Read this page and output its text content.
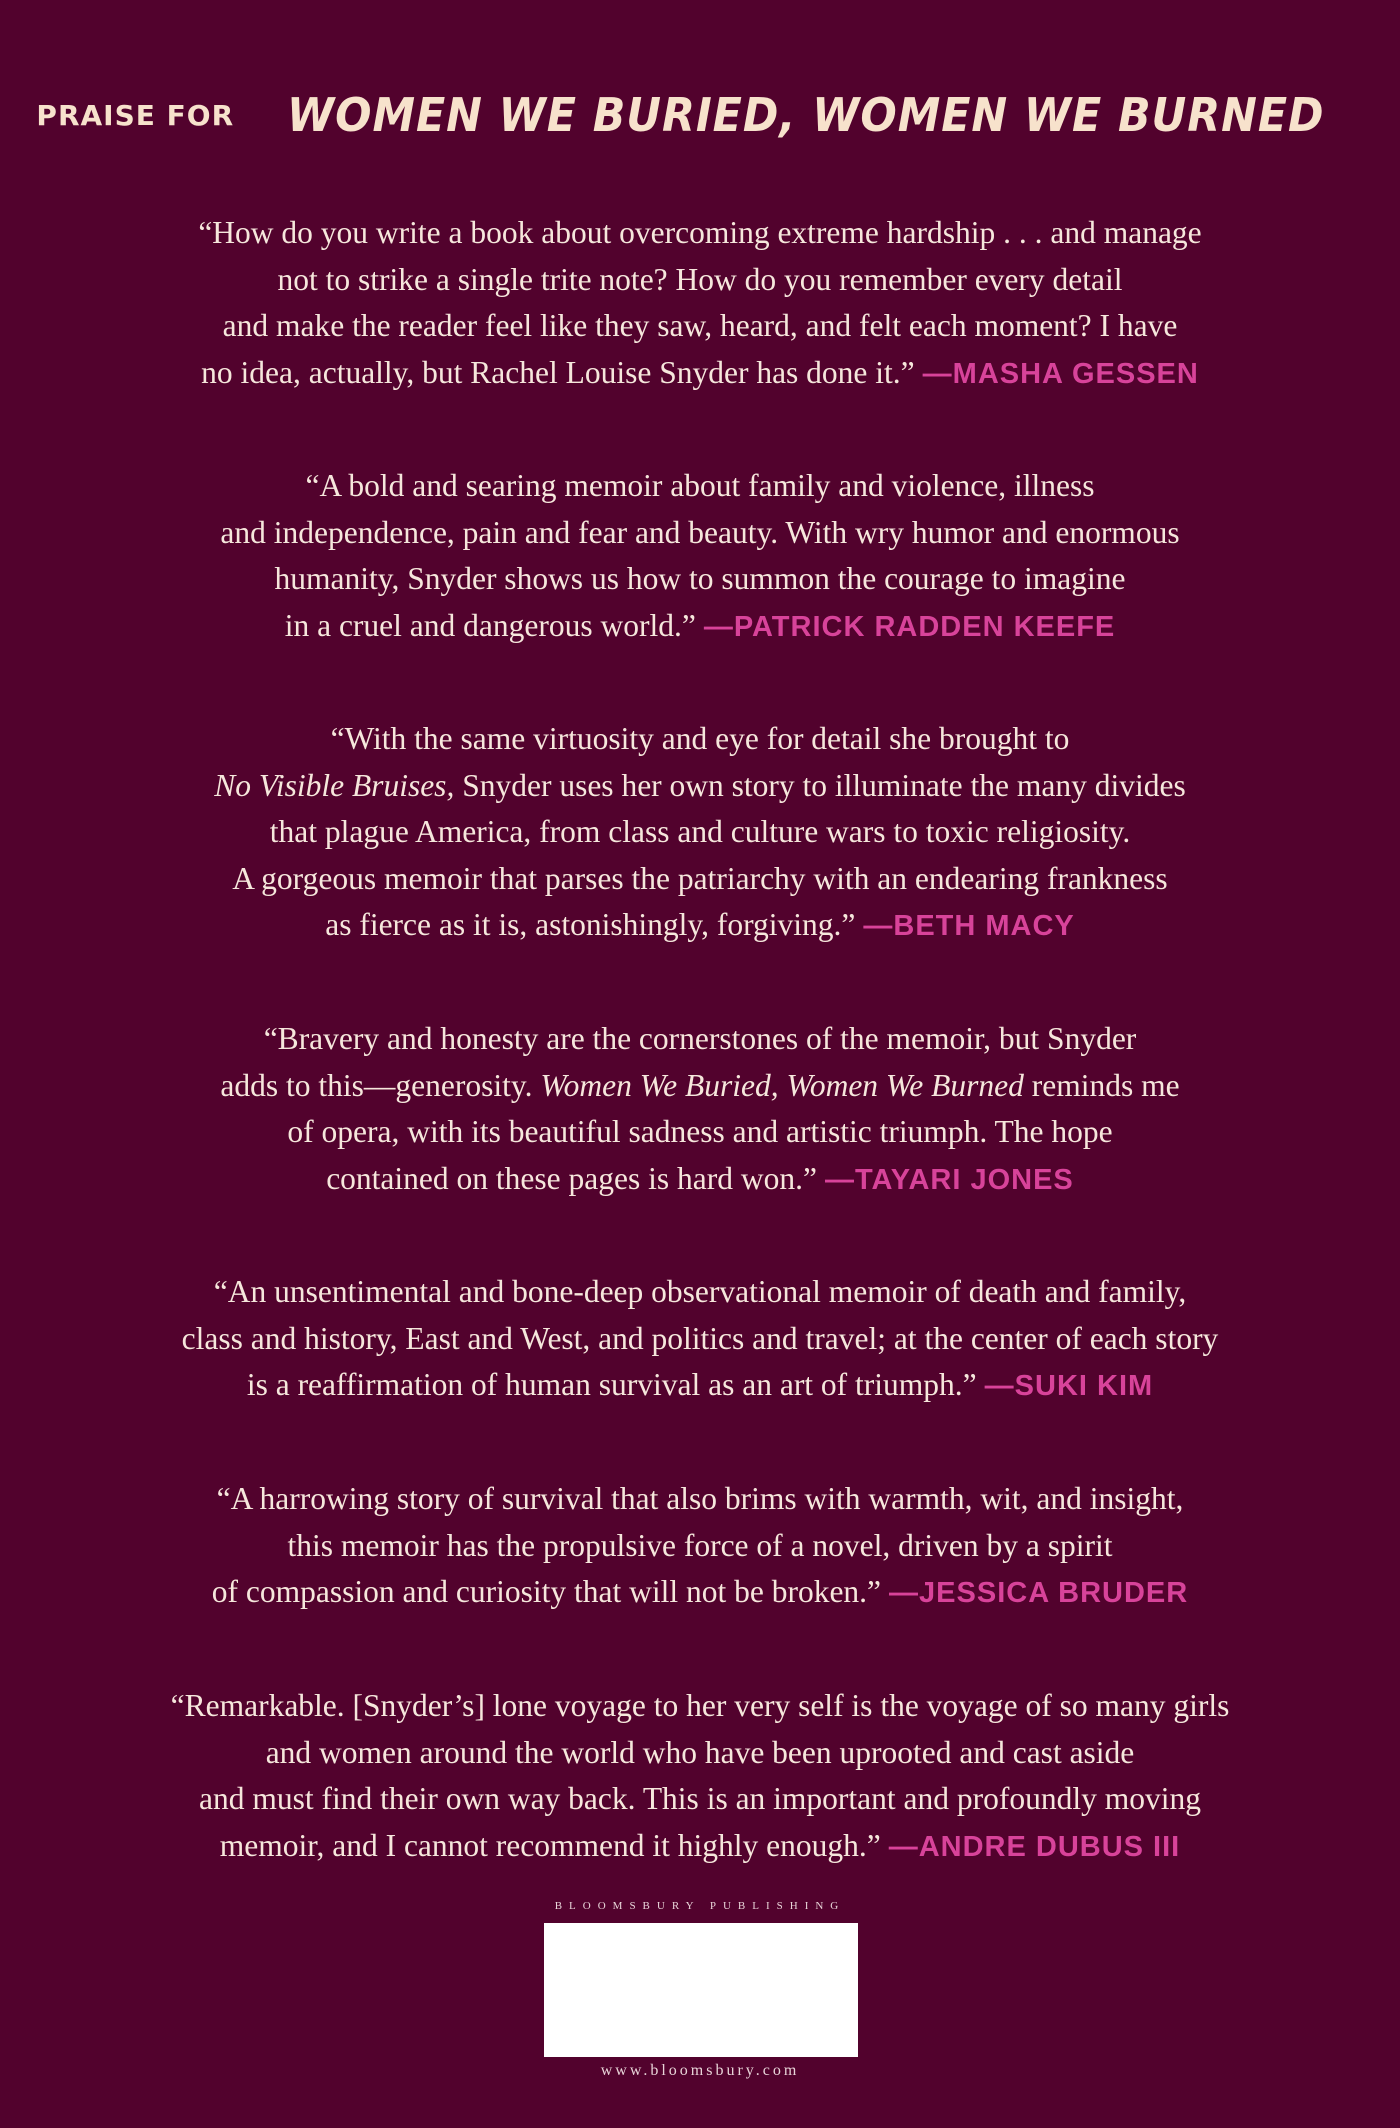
PRAISE FOR WOMEN WE BURIED, WOMEN WE BURNED

“How do you write a book about overcoming extreme hardship . . . and manage
not to strike a single trite note? How do you remember every detail
and make the reader feel like they saw, heard, and felt each moment? I have
no idea, actually, but Rachel Louise Snyder has done it.” —MASHA GESSEN

“A bold and searing memoir about family and violence, illness
and independence, pain and fear and beauty. With wry humor and enormous
humanity, Snyder shows us how to summon the courage to imagine
in a cruel and dangerous world.” —PATRICK RADDEN KEEFE

“With the same virtuosity and eye for detail she brought to
No Visible Bruises, Snyder uses her own story to illuminate the many divides
that plague America, from class and culture wars to toxic religiosity.
A gorgeous memoir that parses the patriarchy with an endearing frankness
as fierce as it is, astonishingly, forgiving.” —BETH MACY

“Bravery and honesty are the cornerstones of the memoir, but Snyder
adds to this—generosity. Women We Buried, Women We Burned reminds me
of opera, with its beautiful sadness and artistic triumph. The hope
contained on these pages is hard won.” —TAYARI JONES

“An unsentimental and bone-deep observational memoir of death and family,
class and history, East and West, and politics and travel; at the center of each story
is a reaffirmation of human survival as an art of triumph.” —SUKI KIM

“A harrowing story of survival that also brims with warmth, wit, and insight,
this memoir has the propulsive force of a novel, driven by a spirit
of compassion and curiosity that will not be broken.” —JESSICA BRUDER

“Remarkable. [Snyder’s] lone voyage to her very self is the voyage of so many girls
and women around the world who have been uprooted and cast aside
and must find their own way back. This is an important and profoundly moving
memoir, and I cannot recommend it highly enough.” —ANDRE DUBUS III

BLOOMSBURY PUBLISHING
www.bloomsbury.com
